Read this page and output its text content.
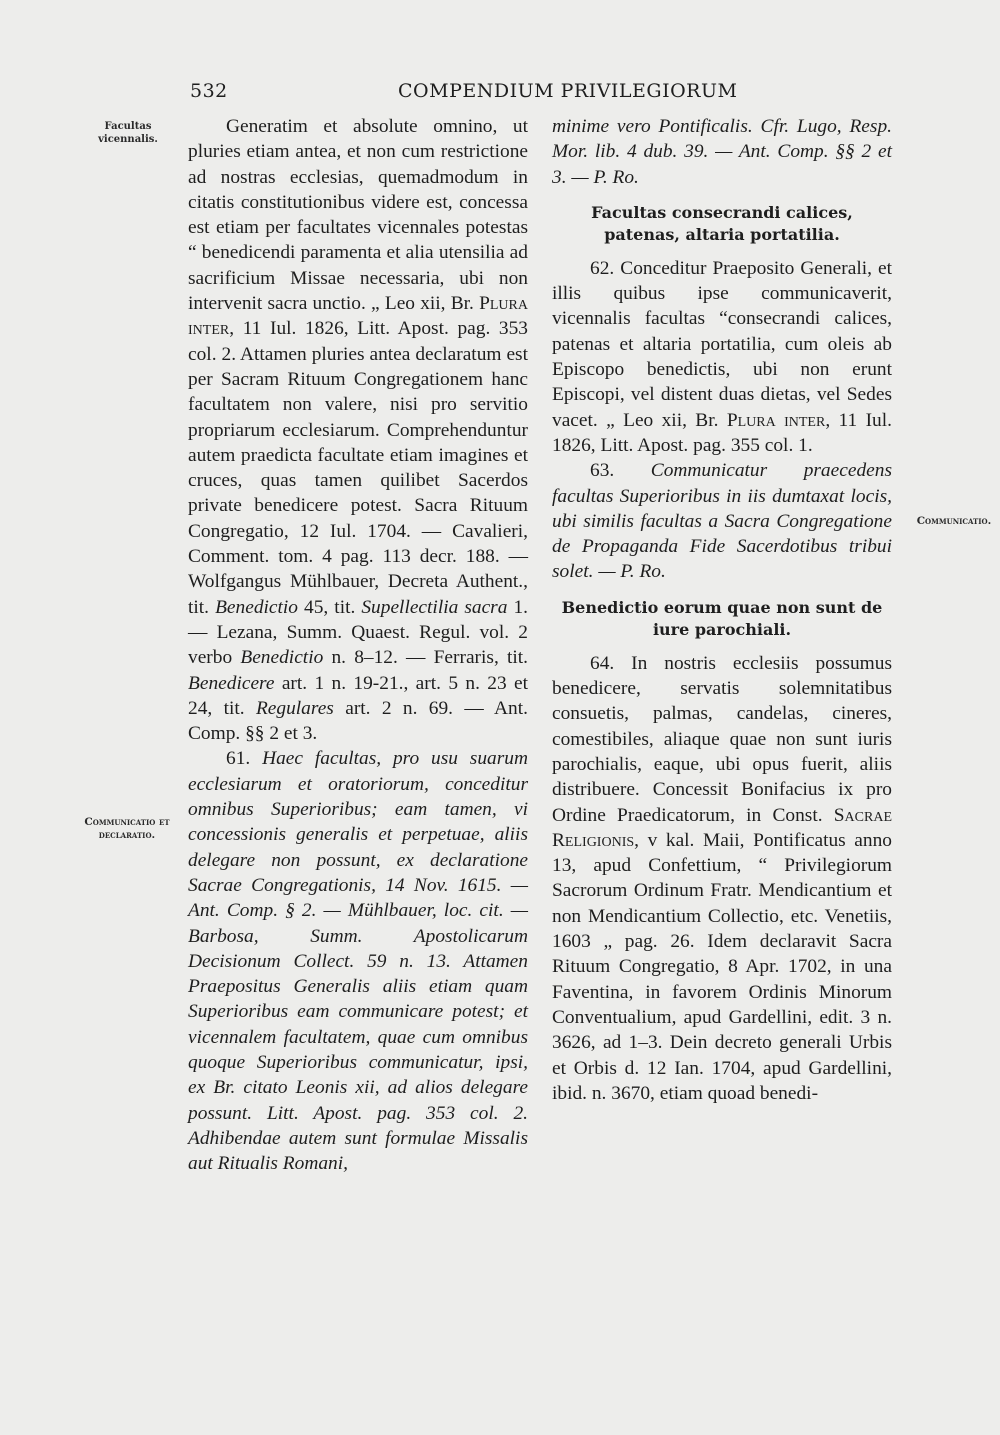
532	COMPENDIUM PRIVILEGIORUM
Facultas vicennalis.
Communicatio et declaratio.
Communicatio.

Generatim et absolute omnino, ut pluries etiam antea, et non cum restrictione ad nostras ecclesias, quemadmodum in citatis constitutionibus videre est, concessa est etiam per facultates vicennales potestas “ benedicendi paramenta et alia utensilia ad sacrificium Missae necessaria, ubi non intervenit sacra unctio. „ Leo xii, Br. Plura inter, 11 Iul. 1826, Litt. Apost. pag. 353 col. 2. Attamen pluries antea declaratum est per Sacram Rituum Congregationem hanc facultatem non valere, nisi pro servitio propriarum ecclesiarum. Comprehenduntur autem praedicta facultate etiam imagines et cruces, quas tamen quilibet Sacerdos private benedicere potest. Sacra Rituum Congregatio, 12 Iul. 1704. — Cavalieri, Comment. tom. 4 pag. 113 decr. 188. — Wolfgangus Mühlbauer, Decreta Authent., tit. Benedictio 45, tit. Supellectilia sacra 1. — Lezana, Summ. Quaest. Regul. vol. 2 verbo Benedictio n. 8–12. — Ferraris, tit. Benedicere art. 1 n. 19-21., art. 5 n. 23 et 24, tit. Regulares art. 2 n. 69. — Ant. Comp. §§ 2 et 3.

61. Haec facultas, pro usu suarum ecclesiarum et oratoriorum, conceditur omnibus Superioribus; eam tamen, vi concessionis generalis et perpetuae, aliis delegare non possunt, ex declaratione Sacrae Congregationis, 14 Nov. 1615. — Ant. Comp. § 2. — Mühlbauer, loc. cit. — Barbosa, Summ. Apostolicarum Decisionum Collect. 59 n. 13. Attamen Praepositus Generalis aliis etiam quam Superioribus eam communicare potest; et vicennalem facultatem, quae cum omnibus quoque Superioribus communicatur, ipsi, ex Br. citato Leonis xii, ad alios delegare possunt. Litt. Apost. pag. 353 col. 2. Adhibendae autem sunt formulae Missalis aut Ritualis Romani,

minime vero Pontificalis. Cfr. Lugo, Resp. Mor. lib. 4 dub. 39. — Ant. Comp. §§ 2 et 3. — P. Ro.

Facultas consecrandi calices, patenas, altaria portatilia.

62. Conceditur Praeposito Generali, et illis quibus ipse communicaverit, vicennalis facultas “consecrandi calices, patenas et altaria portatilia, cum oleis ab Episcopo benedictis, ubi non erunt Episcopi, vel distent duas dietas, vel Sedes vacet. „ Leo xii, Br. Plura inter, 11 Iul. 1826, Litt. Apost. pag. 355 col. 1.

63. Communicatur praecedens facultas Superioribus in iis dumtaxat locis, ubi similis facultas a Sacra Congregatione de Propaganda Fide Sacerdotibus tribui solet. — P. Ro.

Benedictio eorum quae non sunt de iure parochiali.

64. In nostris ecclesiis possumus benedicere, servatis solemnitatibus consuetis, palmas, candelas, cineres, comestibiles, aliaque quae non sunt iuris parochialis, eaque, ubi opus fuerit, aliis distribuere. Concessit Bonifacius ix pro Ordine Praedicatorum, in Const. Sacrae Religionis, v kal. Maii, Pontificatus anno 13, apud Confettium, “ Privilegiorum Sacrorum Ordinum Fratr. Mendicantium et non Mendicantium Collectio, etc. Venetiis, 1603 „ pag. 26. Idem declaravit Sacra Rituum Congregatio, 8 Apr. 1702, in una Faventina, in favorem Ordinis Minorum Conventualium, apud Gardellini, edit. 3 n. 3626, ad 1–3. Dein decreto generali Urbis et Orbis d. 12 Ian. 1704, apud Gardellini, ibid. n. 3670, etiam quoad benedi-
